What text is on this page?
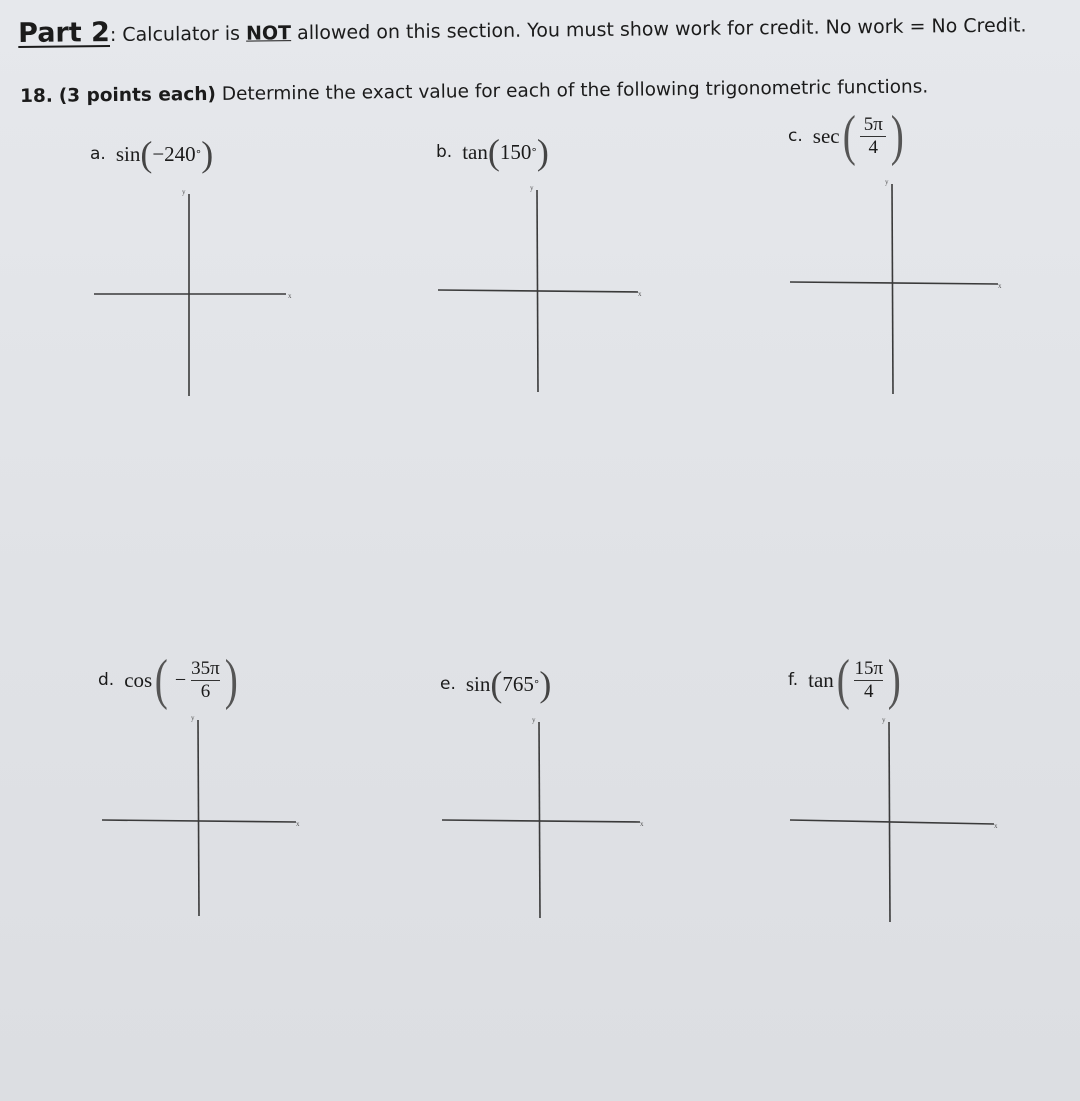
Part 2: Calculator is NOT allowed on this section. You must show work for credit. No work = No Credit.
18. (3 points each) Determine the exact value for each of the following trigonometric functions.
a. sin ( −240 ° )	b. tan ( 150 ° )	c. sec ( $\frac{5\pi}{4}$ )
d. cos ( − $\frac{35\pi}{6}$ )	e. sin ( 765 ° )	f. tan ( $\frac{15\pi}{4}$ )
x
y
x
y
x
y
x
y
x
y
x
y
